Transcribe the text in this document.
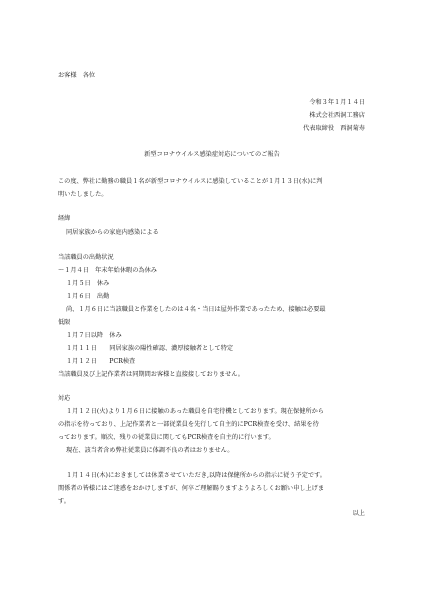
お客様　各位
令和３年１月１４日
株式会社西洞工務店
代表取締役　西洞菊寿
新型コロナウイルス感染症対応についてのご報告
この度、弊社に勤務の職員１名が新型コロナウイルスに感染していることが１月１３日(水)に判
明いたしました。
経緯
同居家族からの家庭内感染による
当該職員の出勤状況
～１月４日　年末年始休暇の為休み
１月５日　休み
１月６日　出勤
尚、１月６日に当該職員と作業をしたのは４名・当日は屋外作業であったため、接触は必要最
低限
１月７日以降　休み
１月１１日　　同居家族の陽性確認、濃厚接触者として特定
１月１２日　　PCR検査
当該職員及び上記作業者は同期間お客様と直接接しておりません。
対応
１月１２日(火)より１月６日に接触のあった職員を自宅待機としております。現在保健所から
の指示を待っており、上記作業者と一部従業員を先行して自主的にPCR検査を受け、結果を待
っております。順次、残りの従業員に関してもPCR検査を自主的に行います。
現在、該当者含め弊社従業員に体調不良の者はおりません。
１月１４日(木)におきましては休業させていただき,以降は保健所からの指示に従う予定です。
関係者の皆様にはご迷惑をおかけしますが、何卒ご理解賜りますようよろしくお願い申し上げま
す。
以上
